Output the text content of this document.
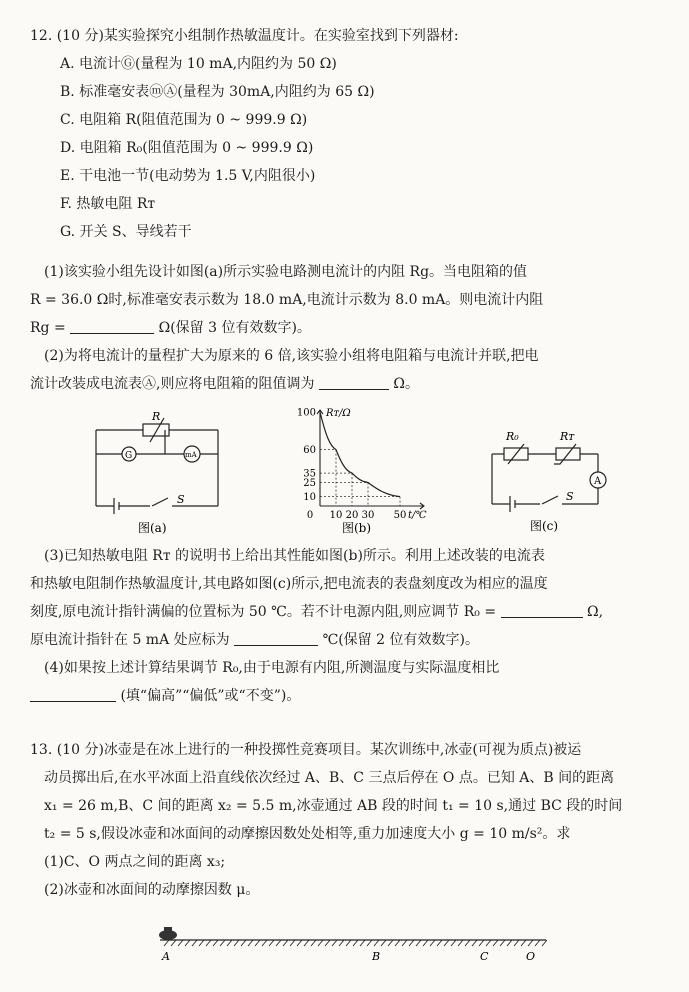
12. (10 分)某实验探究小组制作热敏温度计。在实验室找到下列器材:
A. 电流计Ⓖ(量程为 10 mA,内阻约为 50 Ω)
B. 标准毫安表ⓜⒶ(量程为 30mA,内阻约为 65 Ω)
C. 电阻箱 R(阻值范围为 0 ~ 999.9 Ω)
D. 电阻箱 R₀(阻值范围为 0 ~ 999.9 Ω)
E. 干电池一节(电动势为 1.5 V,内阻很小)
F. 热敏电阻 Rᴛ
G. 开关 S、导线若干
(1)该实验小组先设计如图(a)所示实验电路测电流计的内阻 Rg。当电阻箱的值
R = 36.0 Ω时,标准毫安表示数为 18.0 mA,电流计示数为 8.0 mA。则电流计内阻
Rg =	Ω(保留 3 位有效数字)。
(2)为将电流计的量程扩大为原来的 6 倍,该实验小组将电阻箱与电流计并联,把电
流计改装成电流表Ⓐ,则应将电阻箱的阻值调为	Ω。
R
G	mA
S
图(a)
100
60
35
25
10
0 10 20 30 50
Rᴛ/Ω
t/℃
图(b)
R₀	Rᴛ
A
S
图(c)
(3)已知热敏电阻 Rᴛ 的说明书上给出其性能如图(b)所示。利用上述改装的电流表
和热敏电阻制作热敏温度计,其电路如图(c)所示,把电流表的表盘刻度改为相应的温度
刻度,原电流计指针满偏的位置标为 50 ℃。若不计电源内阻,则应调节 R₀ =	Ω,
原电流计指针在 5 mA 处应标为	℃(保留 2 位有效数字)。
(4)如果按上述计算结果调节 R₀,由于电源有内阻,所测温度与实际温度相比
(填“偏高”“偏低”或“不变”)。
13. (10 分)冰壶是在冰上进行的一种投掷性竞赛项目。某次训练中,冰壶(可视为质点)被运
动员掷出后,在水平冰面上沿直线依次经过 A、B、C 三点后停在 O 点。已知 A、B 间的距离
x₁ = 26 m,B、C 间的距离 x₂ = 5.5 m,冰壶通过 AB 段的时间 t₁ = 10 s,通过 BC 段的时间
t₂ = 5 s,假设冰壶和冰面间的动摩擦因数处处相等,重力加速度大小 g = 10 m/s²。求
(1)C、O 两点之间的距离 x₃;
(2)冰壶和冰面间的动摩擦因数 μ。
A	B	C	O
